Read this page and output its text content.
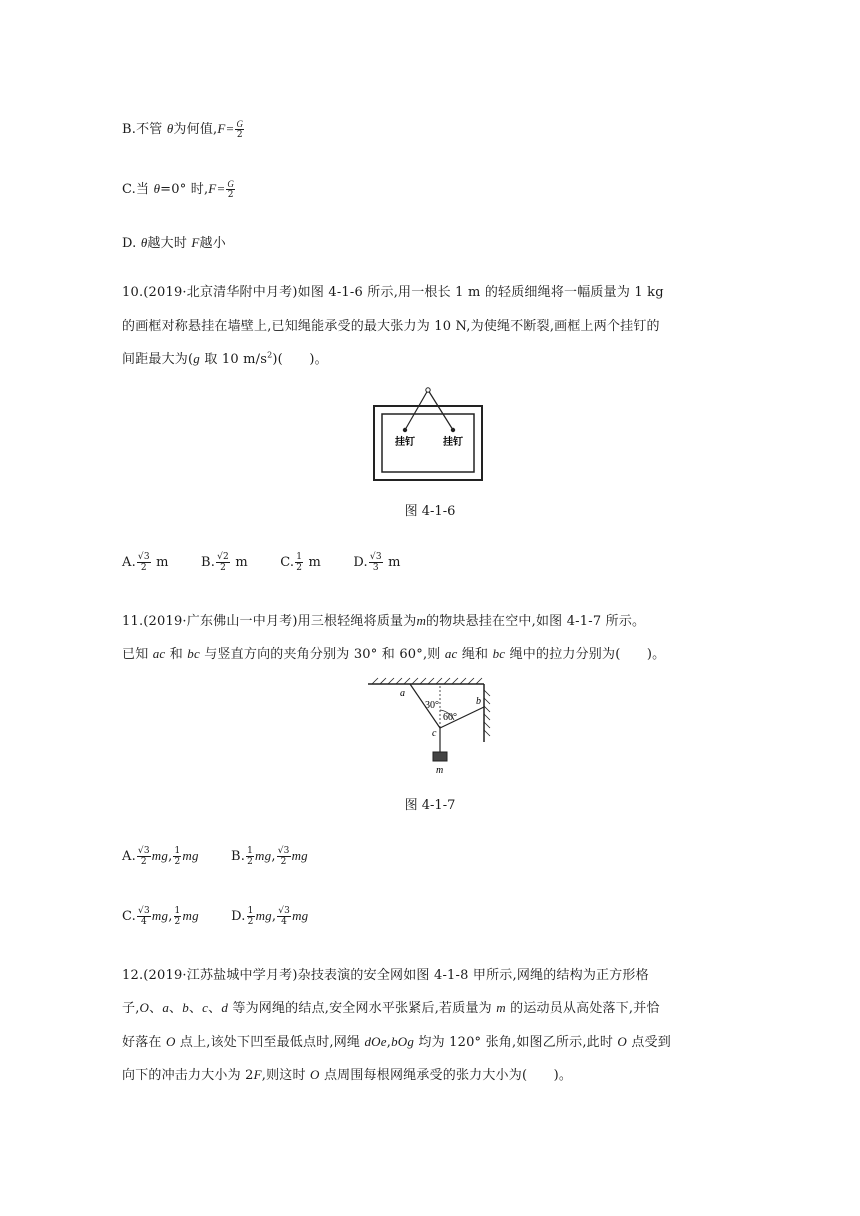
B.不管 θ为何值$,F= \frac{G}{2}$
C.当 θ=0° 时$,F= \frac{G}{2}$
D. θ越大时 F越小
10.(2019·北京清华附中月考)如图 4-1-6 所示,用一根长 1 m 的轻质细绳将一幅质量为 1 kg
的画框对称悬挂在墙壁上,已知绳能承受的最大张力为 10 N,为使绳不断裂,画框上两个挂钉的
间距最大为(g 取 10 $m/s^2$)(　　)。
挂钉	挂钉
图 4-1-6
A. $\frac{√3}{2}$ m B. $\frac{√2}{2}$ m C. $\frac{1}{2}$ m D. $\frac{√3}{3}$ m
11.(2019·广东佛山一中月考)用三根轻绳将质量为m的物块悬挂在空中,如图 4-1-7 所示。
已知 ac 和 bc 与竖直方向的夹角分别为 30° 和 60°,则 ac 绳和 bc 绳中的拉力分别为(　　)。
a
b
c
m
30°
60°
图 4-1-7
A. $\frac{√3}{2}$ mg, $\frac{1}{2}$ mg B. $\frac{1}{2}$ mg, $\frac{√3}{2}$ mg
C. $\frac{√3}{4}$ mg, $\frac{1}{2}$ mg D. $\frac{1}{2}$ mg, $\frac{√3}{4}$ mg
12.(2019·江苏盐城中学月考)杂技表演的安全网如图 4-1-8 甲所示,网绳的结构为正方形格
子,O、a、b、c、d 等为网绳的结点,安全网水平张紧后,若质量为 m 的运动员从高处落下,并恰
好落在 O 点上,该处下凹至最低点时,网绳 dOe,bOg 均为 120° 张角,如图乙所示,此时 O 点受到
向下的冲击力大小为 2F,则这时 O 点周围每根网绳承受的张力大小为(　　)。
